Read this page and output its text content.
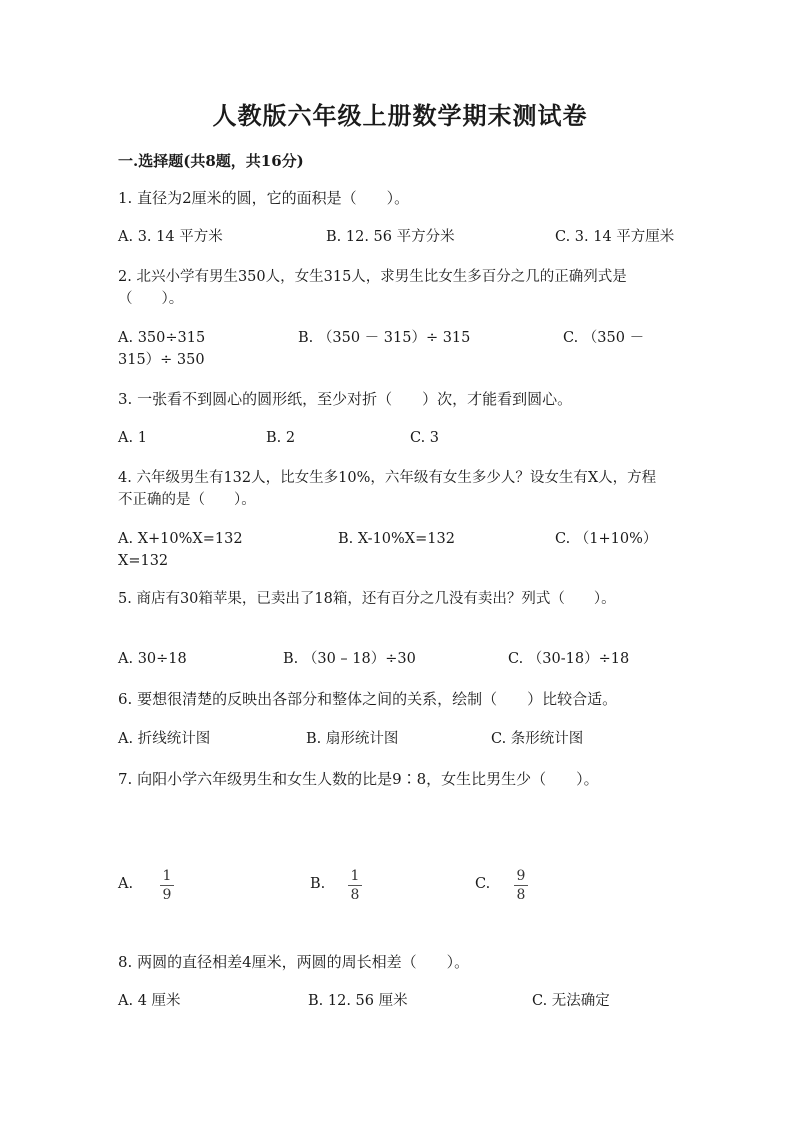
人教版六年级上册数学期末测试卷
一.选择题(共8题，共16分)
1. 直径为2厘米的圆，它的面积是（　　）。
A. 3. 14 平方米	B. 12. 56 平方分米	C. 3. 14 平方厘米
2. 北兴小学有男生350人，女生315人，求男生比女生多百分之几的正确列式是（　　）。
A. 350÷315	B. （350 － 315）÷ 315	C. （350 －
315）÷ 350
3. 一张看不到圆心的圆形纸，至少对折（　　）次，才能看到圆心。
A. 1	B. 2	C. 3
4. 六年级男生有132人，比女生多10%，六年级有女生多少人？设女生有X人，方程不正确的是（　　）。
A. X+10%X=132	B. X-10%X=132	C. （1+10%）
X=132
5. 商店有30箱苹果，已卖出了18箱，还有百分之几没有卖出？列式（　　）。
A. 30÷18	B. （30 – 18）÷30	C. （30-18）÷18
6. 要想很清楚的反映出各部分和整体之间的关系，绘制（　　）比较合适。
A. 折线统计图	B. 扇形统计图	C. 条形统计图
7. 向阳小学六年级男生和女生人数的比是9∶8，女生比男生少（　　）。
A. 1
9
B. 1
8
C. 9
8
8. 两圆的直径相差4厘米，两圆的周长相差（　　）。
A. 4 厘米	B. 12. 56 厘米	C. 无法确定
